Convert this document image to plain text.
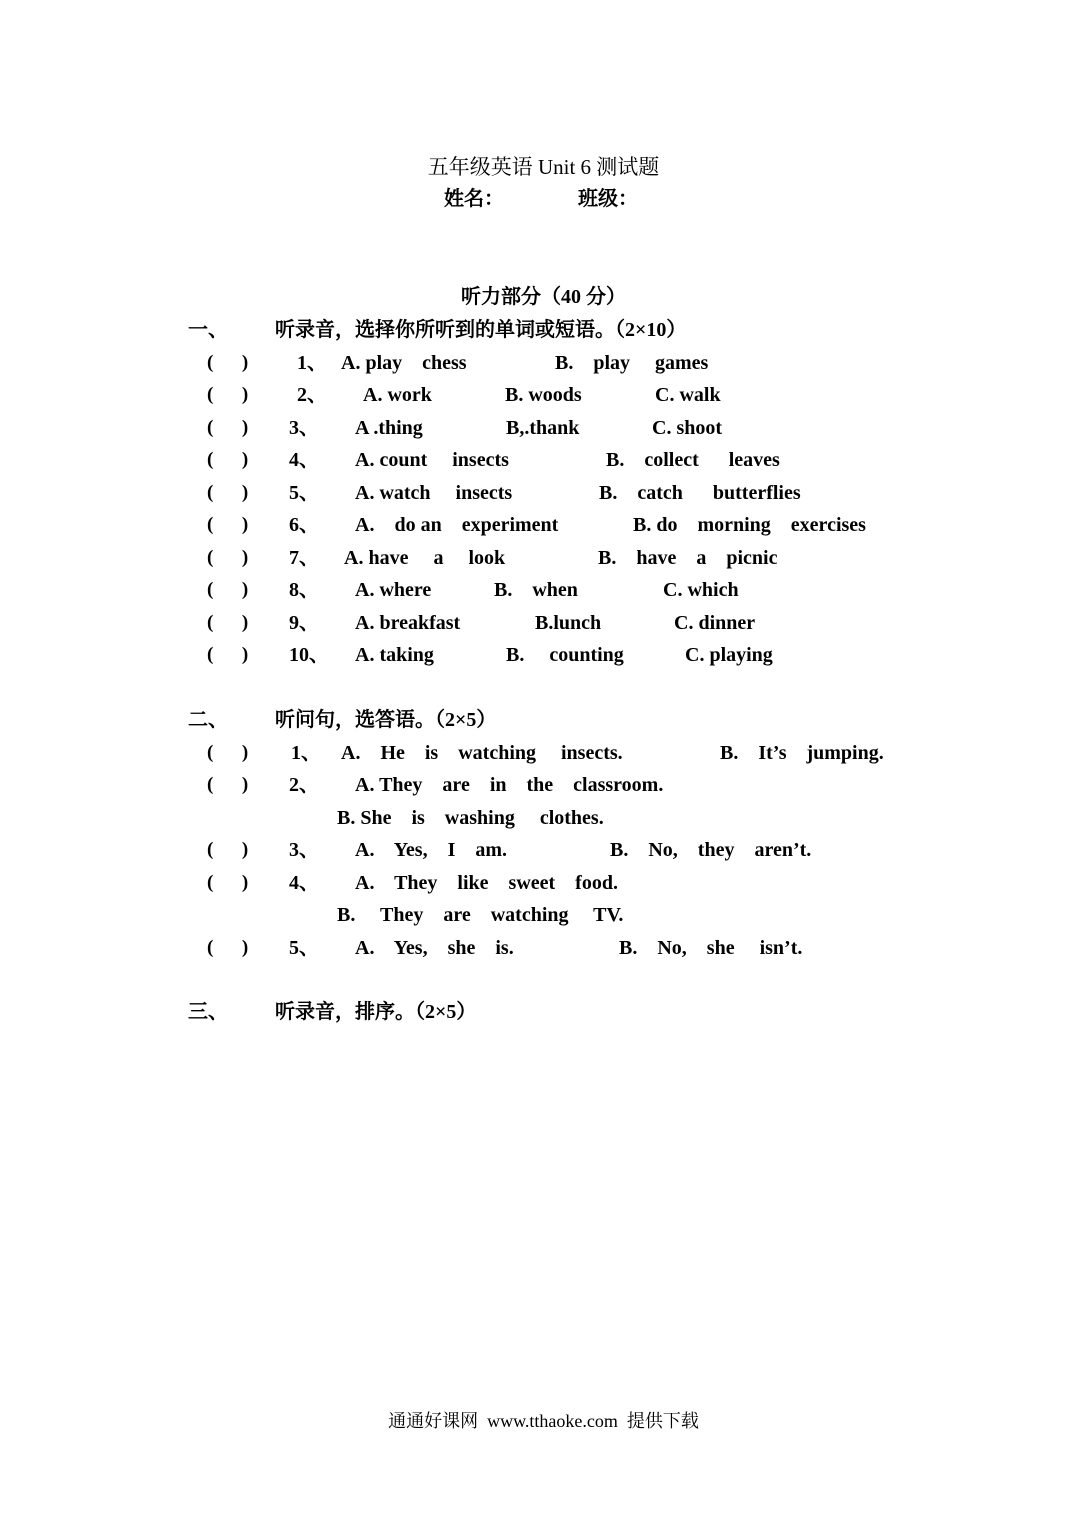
五年级英语 Unit 6 测试题
姓名：	班级：
听力部分（40 分）
一、 听录音，选择你所听到的单词或短语。（2×10）
(      ) 1、 A. play    chess	B.    play     games
(      ) 2、 A. work	B. woods	C. walk
(      ) 3、 A .thing	B,.thank	C. shoot
(      ) 4、 A. count     insects	B.    collect      leaves
(      ) 5、 A. watch     insects	B.    catch      butterflies
(      ) 6、 A.    do an    experiment	B. do    morning    exercises
(      ) 7、 A. have     a     look	B.    have    a    picnic
(      ) 8、 A. where	B.    when	C. which
(      ) 9、 A. breakfast	B.lunch	C. dinner
(      ) 10、 A. taking	B.     counting	C. playing
二、 听问句，选答语。（2×5）
(      ) 1、 A.    He    is    watching     insects.	B.    It’s    jumping.
(      ) 2、 A. They    are    in    the    classroom.
B. She    is    washing     clothes.
(      ) 3、 A.    Yes,    I    am.	B.    No,    they    aren’t.
(      ) 4、 A.    They    like    sweet    food.
B.     They    are    watching     TV.
(      ) 5、 A.    Yes,    she    is.	B.    No,    she     isn’t.
三、 听录音，排序。（2×5）
通通好课网  www.tthaoke.com  提供下载
